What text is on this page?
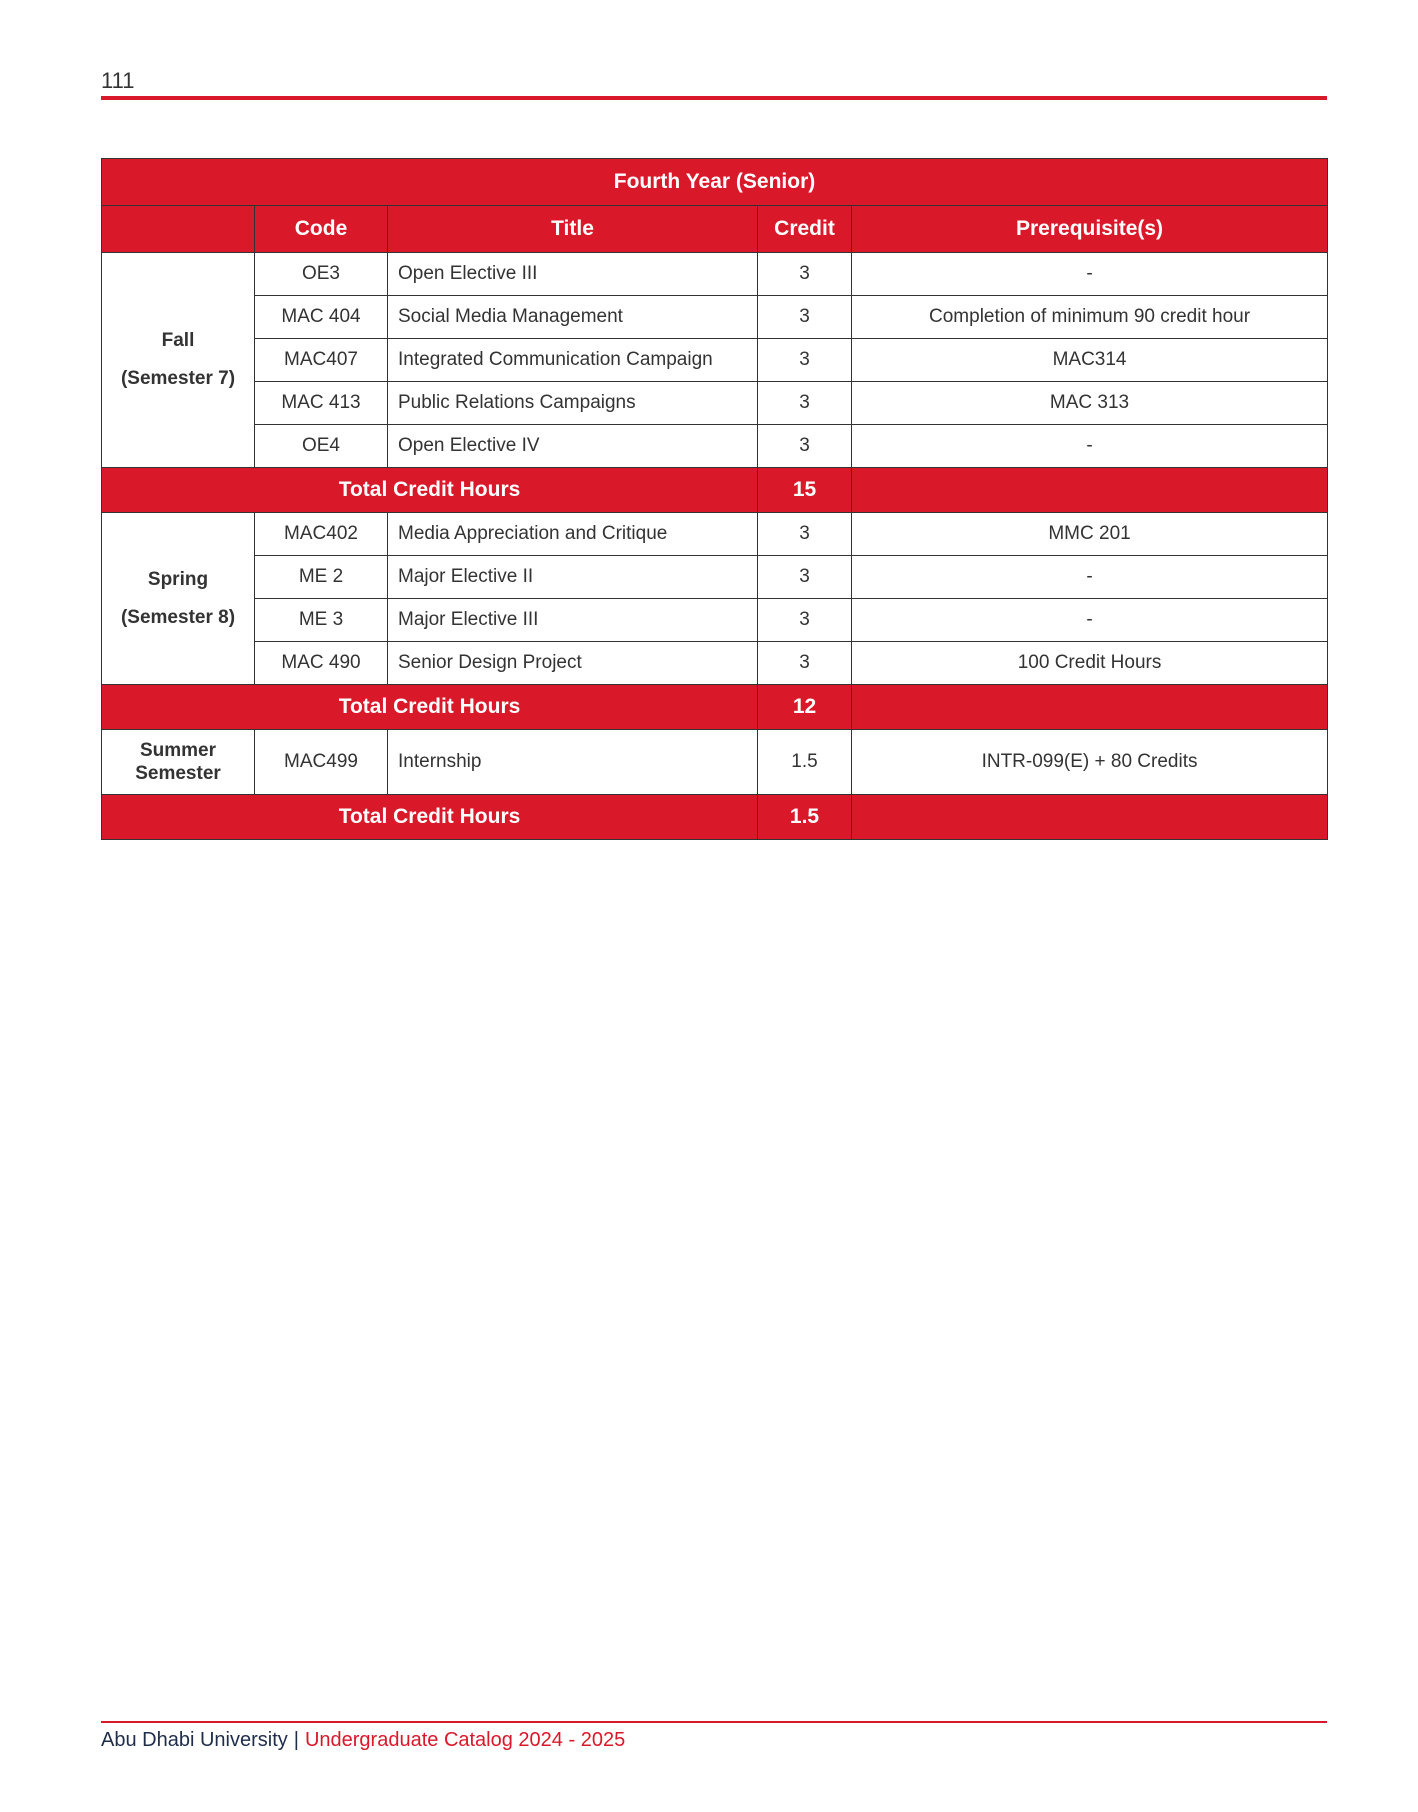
111
Fourth Year (Senior)				
	Code	Title	Credit	Prerequisite(s)

Fall
(Semester 7)	OE3	Open Elective III	3	-
	MAC 404	Social Media Management	3	Completion of minimum 90 credit hour
	MAC407	Integrated Communication Campaign	3	MAC314
	MAC 413	Public Relations Campaigns	3	MAC 313
	OE4	Open Elective IV	3	-
Total Credit Hours			15	

Spring
(Semester 8)	MAC402	Media Appreciation and Critique	3	MMC 201
	ME 2	Major Elective II	3	-
	ME 3	Major Elective III	3	-
	MAC 490	Senior Design Project	3	100 Credit Hours
Total Credit Hours			12	

Summer
Semester	MAC499	Internship	1.5	INTR-099(E) + 80 Credits
Total Credit Hours			1.5	
Abu Dhabi University | Undergraduate Catalog 2024 - 2025
